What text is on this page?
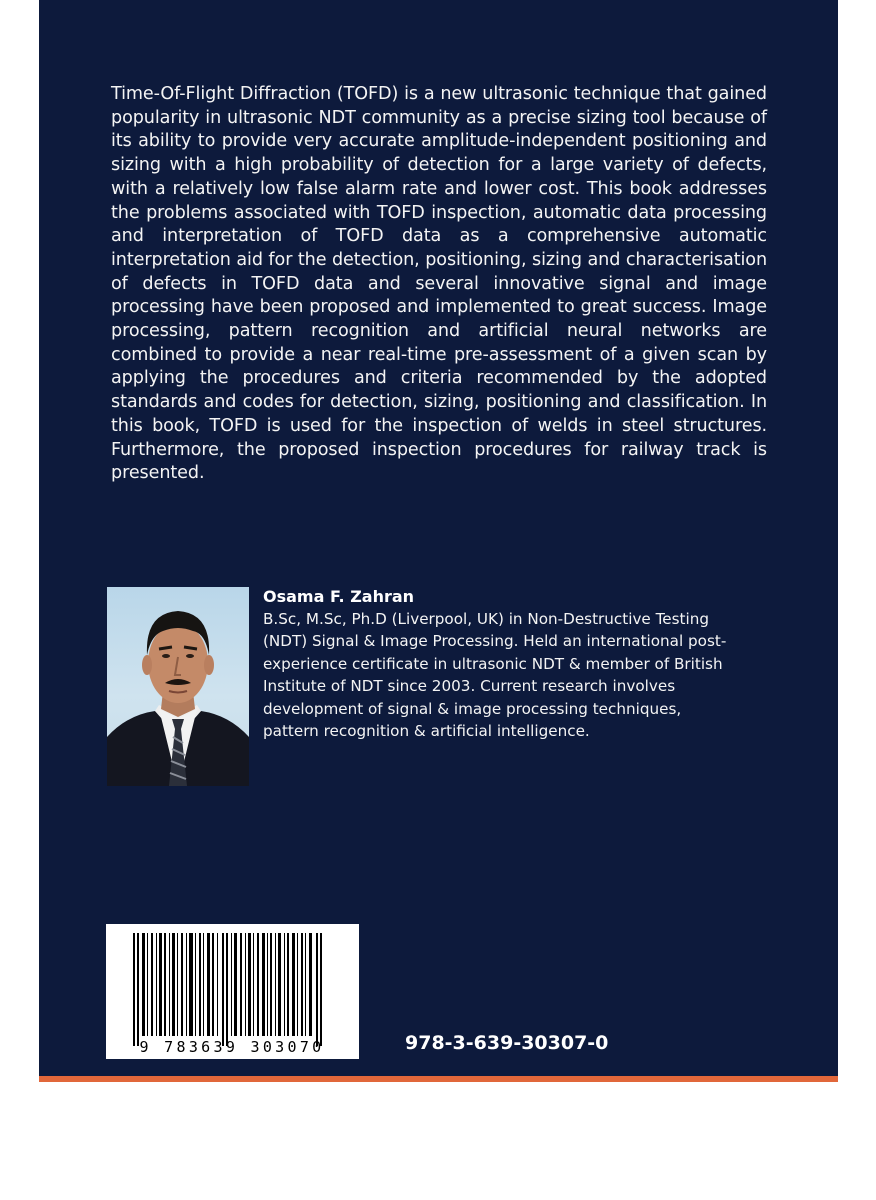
Time-Of-Flight Diffraction (TOFD) is a new ultrasonic technique that gained popularity in ultrasonic NDT community as a precise sizing tool because of its ability to provide very accurate amplitude-independent positioning and sizing with a high probability of detection for a large variety of defects, with a relatively low false alarm rate and lower cost. This book addresses the problems associated with TOFD inspection, automatic data processing and interpretation of TOFD data as a comprehensive automatic interpretation aid for the detection, positioning, sizing and characterisation of defects in TOFD data and several innovative signal and image processing have been proposed and implemented to great success. Image processing, pattern recognition and artificial neural networks are combined to provide a near real-time pre-assessment of a given scan by applying the procedures and criteria recommended by the adopted standards and codes for detection, sizing, positioning and classification. In this book, TOFD is used for the inspection of welds in steel structures. Furthermore, the proposed inspection procedures for railway track is presented.

Osama F. Zahran

B.Sc, M.Sc, Ph.D (Liverpool, UK) in Non-Destructive Testing (NDT) Signal & Image Processing. Held an international post- experience certificate in ultrasonic NDT & member of British Institute of NDT since 2003. Current research involves development of signal & image processing techniques, pattern recognition & artificial intelligence.

9 783639 303070	978-3-639-30307-0
